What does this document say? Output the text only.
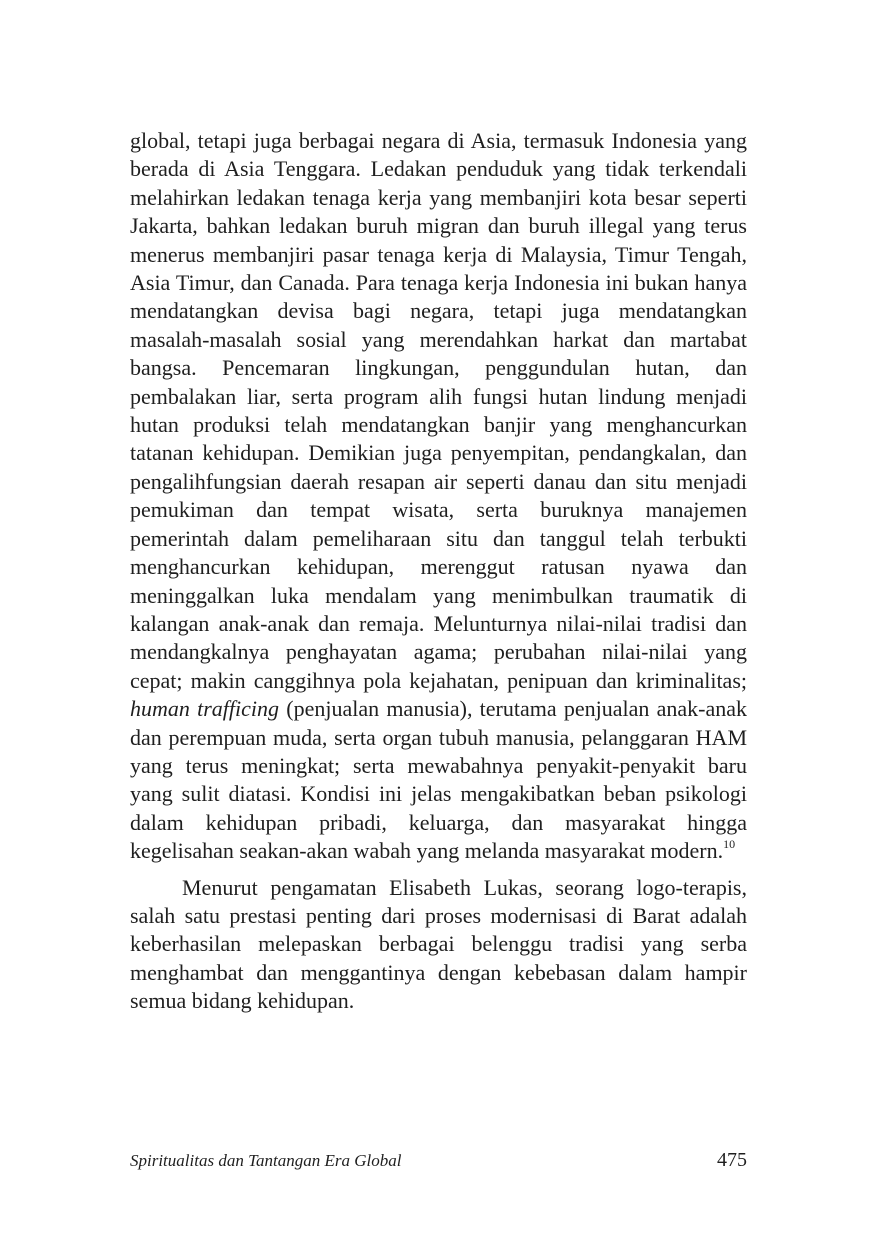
global, tetapi juga berbagai negara di Asia, termasuk Indonesia yang berada di Asia Tenggara. Ledakan penduduk yang tidak terkendali melahirkan ledakan tenaga kerja yang membanjiri kota besar seperti Jakarta, bahkan ledakan buruh migran dan buruh illegal yang terus menerus membanjiri pasar tenaga kerja di Malaysia, Timur Tengah, Asia Timur, dan Canada. Para tenaga kerja Indonesia ini bukan hanya mendatangkan devisa bagi negara, tetapi juga mendatangkan masalah-masalah sosial yang merendahkan harkat dan martabat bangsa. Pencemaran lingkungan, penggundulan hutan, dan pembalakan liar, serta program alih fungsi hutan lindung menjadi hutan produksi telah mendatangkan banjir yang menghancurkan tatanan kehidupan. Demikian juga penyempitan, pendangkalan, dan pengalihfungsian daerah resapan air seperti danau dan situ menjadi pemukiman dan tempat wisata, serta buruknya manajemen pemerintah dalam pemeliharaan situ dan tanggul telah terbukti menghancurkan kehidupan, merenggut ratusan nyawa dan meninggalkan luka mendalam yang menimbulkan traumatik di kalangan anak-anak dan remaja. Melunturnya nilai-nilai tradisi dan mendangkalnya penghayatan agama; perubahan nilai-nilai yang cepat; makin canggihnya pola kejahatan, penipuan dan kriminalitas; human trafficing (penjualan manusia), terutama penjualan anak-anak dan perempuan muda, serta organ tubuh manusia, pelanggaran HAM yang terus meningkat; serta mewabahnya penyakit-penyakit baru yang sulit diatasi. Kondisi ini jelas mengakibatkan beban psikologi dalam kehidupan pribadi, keluarga, dan masyarakat hingga kegelisahan seakan-akan wabah yang melanda masyarakat modern.$^{10}$

Menurut pengamatan Elisabeth Lukas, seorang logo-terapis, salah satu prestasi penting dari proses modernisasi di Barat adalah keberhasilan melepaskan berbagai belenggu tradisi yang serba menghambat dan menggantinya dengan kebebasan dalam hampir semua bidang kehidupan.

Spiritualitas dan Tantangan Era Global	475
